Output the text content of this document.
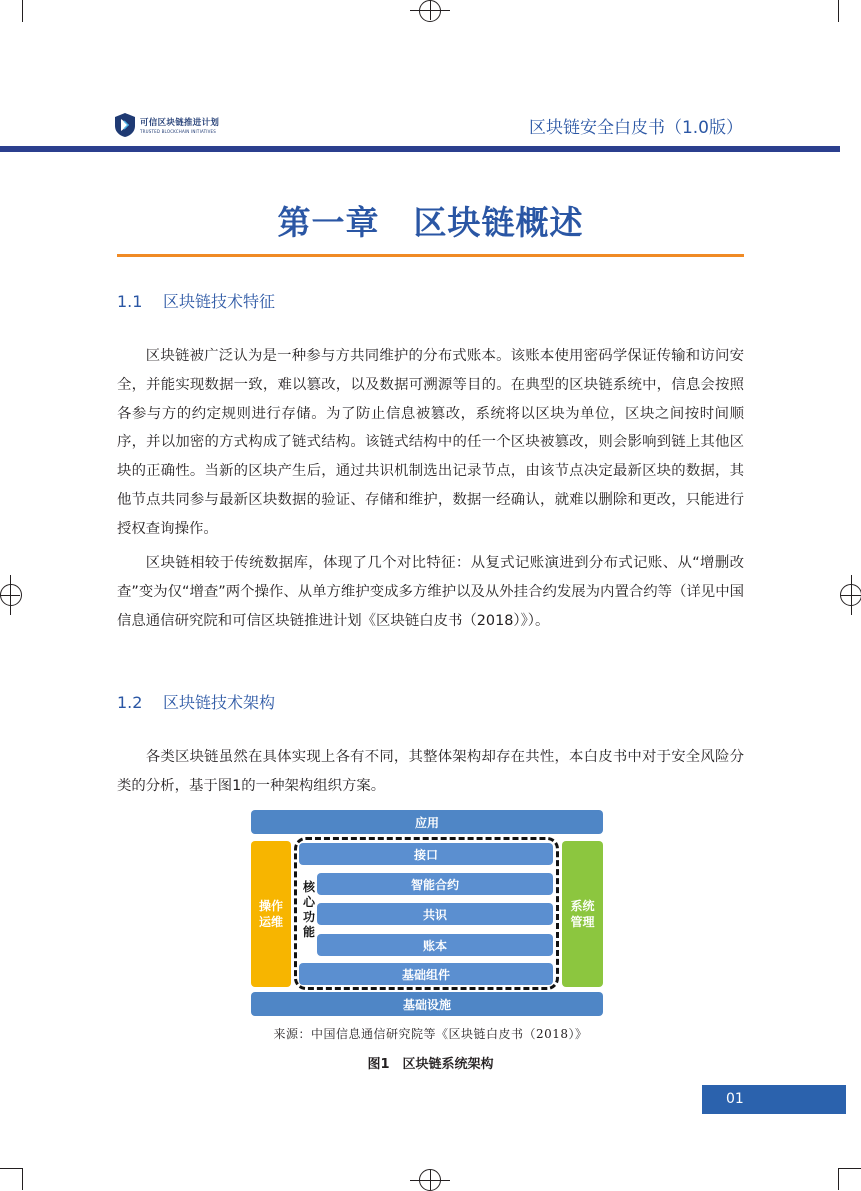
可信区块链推进计划
TRUSTED BLOCKCHAIN INITIATIVES	区块链安全白皮书（1.0版）
第一章　区块链概述
1.1 区块链技术特征

区块链被广泛认为是一种参与方共同维护的分布式账本。该账本使用密码学保证传输和访问安全，并能实现数据一致，难以篡改，以及数据可溯源等目的。在典型的区块链系统中，信息会按照各参与方的约定规则进行存储。为了防止信息被篡改，系统将以区块为单位，区块之间按时间顺序，并以加密的方式构成了链式结构。该链式结构中的任一个区块被篡改，则会影响到链上其他区块的正确性。当新的区块产生后，通过共识机制选出记录节点，由该节点决定最新区块的数据，其他节点共同参与最新区块数据的验证、存储和维护，数据一经确认，就难以删除和更改，只能进行授权查询操作。

区块链相较于传统数据库，体现了几个对比特征：从复式记账演进到分布式记账、从“增删改查”变为仅“增查”两个操作、从单方维护变成多方维护以及从外挂合约发展为内置合约等（详见中国信息通信研究院和可信区块链推进计划《区块链白皮书（2018）》）。

1.2 区块链技术架构

各类区块链虽然在具体实现上各有不同，其整体架构却存在共性，本白皮书中对于安全风险分类的分析，基于图1的一种架构组织方案。

应用
操作运维
系统管理
核心功能
接口
智能合约
共识
账本
基础组件
基础设施
来源：中国信息通信研究院等《区块链白皮书（2018）》
图1　区块链系统架构
01
